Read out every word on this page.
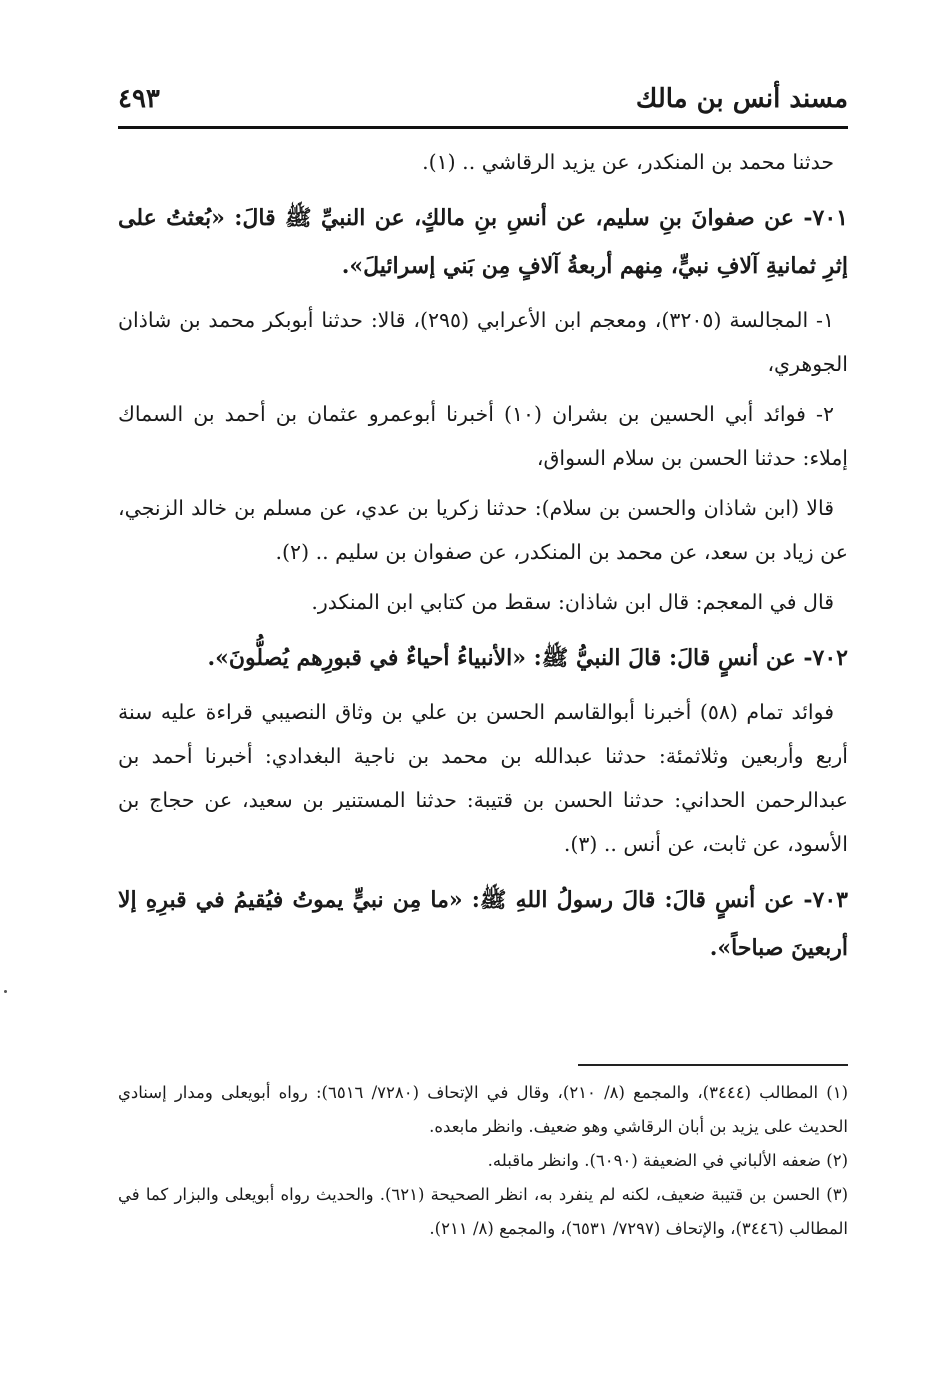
مسند أنس بن مالك
٤٩٣

حدثنا محمد بن المنكدر، عن يزيد الرقاشي .. (١).

٧٠١- عن صفوانَ بنِ سليم، عن أنسِ بنِ مالكٍ، عن النبيِّ ﷺ قالَ: «بُعثتُ على إثرِ ثمانيةِ آلافِ نبيٍّ، مِنهم أربعةُ آلافٍ مِن بَني إسرائيلَ».

١- المجالسة (٣٢٠٥)، ومعجم ابن الأعرابي (٢٩٥)، قالا: حدثنا أبوبكر محمد بن شاذان الجوهري،

٢- فوائد أبي الحسين بن بشران (١٠) أخبرنا أبوعمرو عثمان بن أحمد بن السماك إملاء: حدثنا الحسن بن سلام السواق،

قالا (ابن شاذان والحسن بن سلام): حدثنا زكريا بن عدي، عن مسلم بن خالد الزنجي، عن زياد بن سعد، عن محمد بن المنكدر، عن صفوان بن سليم .. (٢).

قال في المعجم: قال ابن شاذان: سقط من كتابي ابن المنكدر.

٧٠٢- عن أنسٍ قالَ: قالَ النبيُّ ﷺ: «الأنبياءُ أحياءٌ في قبورِهم يُصلُّونَ».

فوائد تمام (٥٨) أخبرنا أبوالقاسم الحسن بن علي بن وثاق النصيبي قراءة عليه سنة أربع وأربعين وثلاثمئة: حدثنا عبدالله بن محمد بن ناجية البغدادي: أخبرنا أحمد بن عبدالرحمن الحداني: حدثنا الحسن بن قتيبة: حدثنا المستنير بن سعيد، عن حجاج بن الأسود، عن ثابت، عن أنس .. (٣).

٧٠٣- عن أنسٍ قالَ: قالَ رسولُ اللهِ ﷺ: «ما مِن نبيٍّ يموتُ فيُقيمُ في قبرِهِ إلا أربعينَ صباحاً».

(١) المطالب (٣٤٤٤)، والمجمع (٨/ ٢١٠)، وقال في الإتحاف (٧٢٨٠/ ٦٥١٦): رواه أبويعلى ومدار إسنادي الحديث على يزيد بن أبان الرقاشي وهو ضعيف. وانظر مابعده.

(٢) ضعفه الألباني في الضعيفة (٦٠٩٠). وانظر ماقبله.

(٣) الحسن بن قتيبة ضعيف، لكنه لم ينفرد به، انظر الصحيحة (٦٢١). والحديث رواه أبويعلى والبزار كما في المطالب (٣٤٤٦)، والإتحاف (٧٢٩٧/ ٦٥٣١)، والمجمع (٨/ ٢١١).
